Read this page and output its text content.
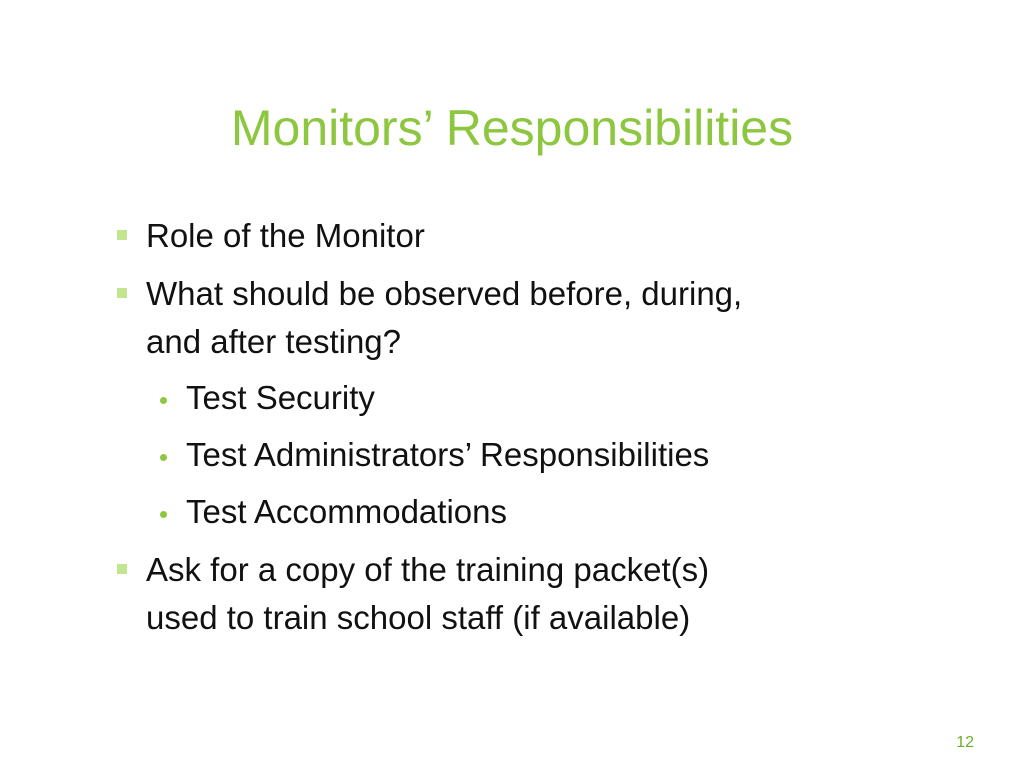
Monitors’ Responsibilities
Role of the Monitor
What should be observed before, during,
and after testing?
Test Security
Test Administrators’ Responsibilities
Test Accommodations
Ask for a copy of the training packet(s)
used to train school staff (if available)
12
